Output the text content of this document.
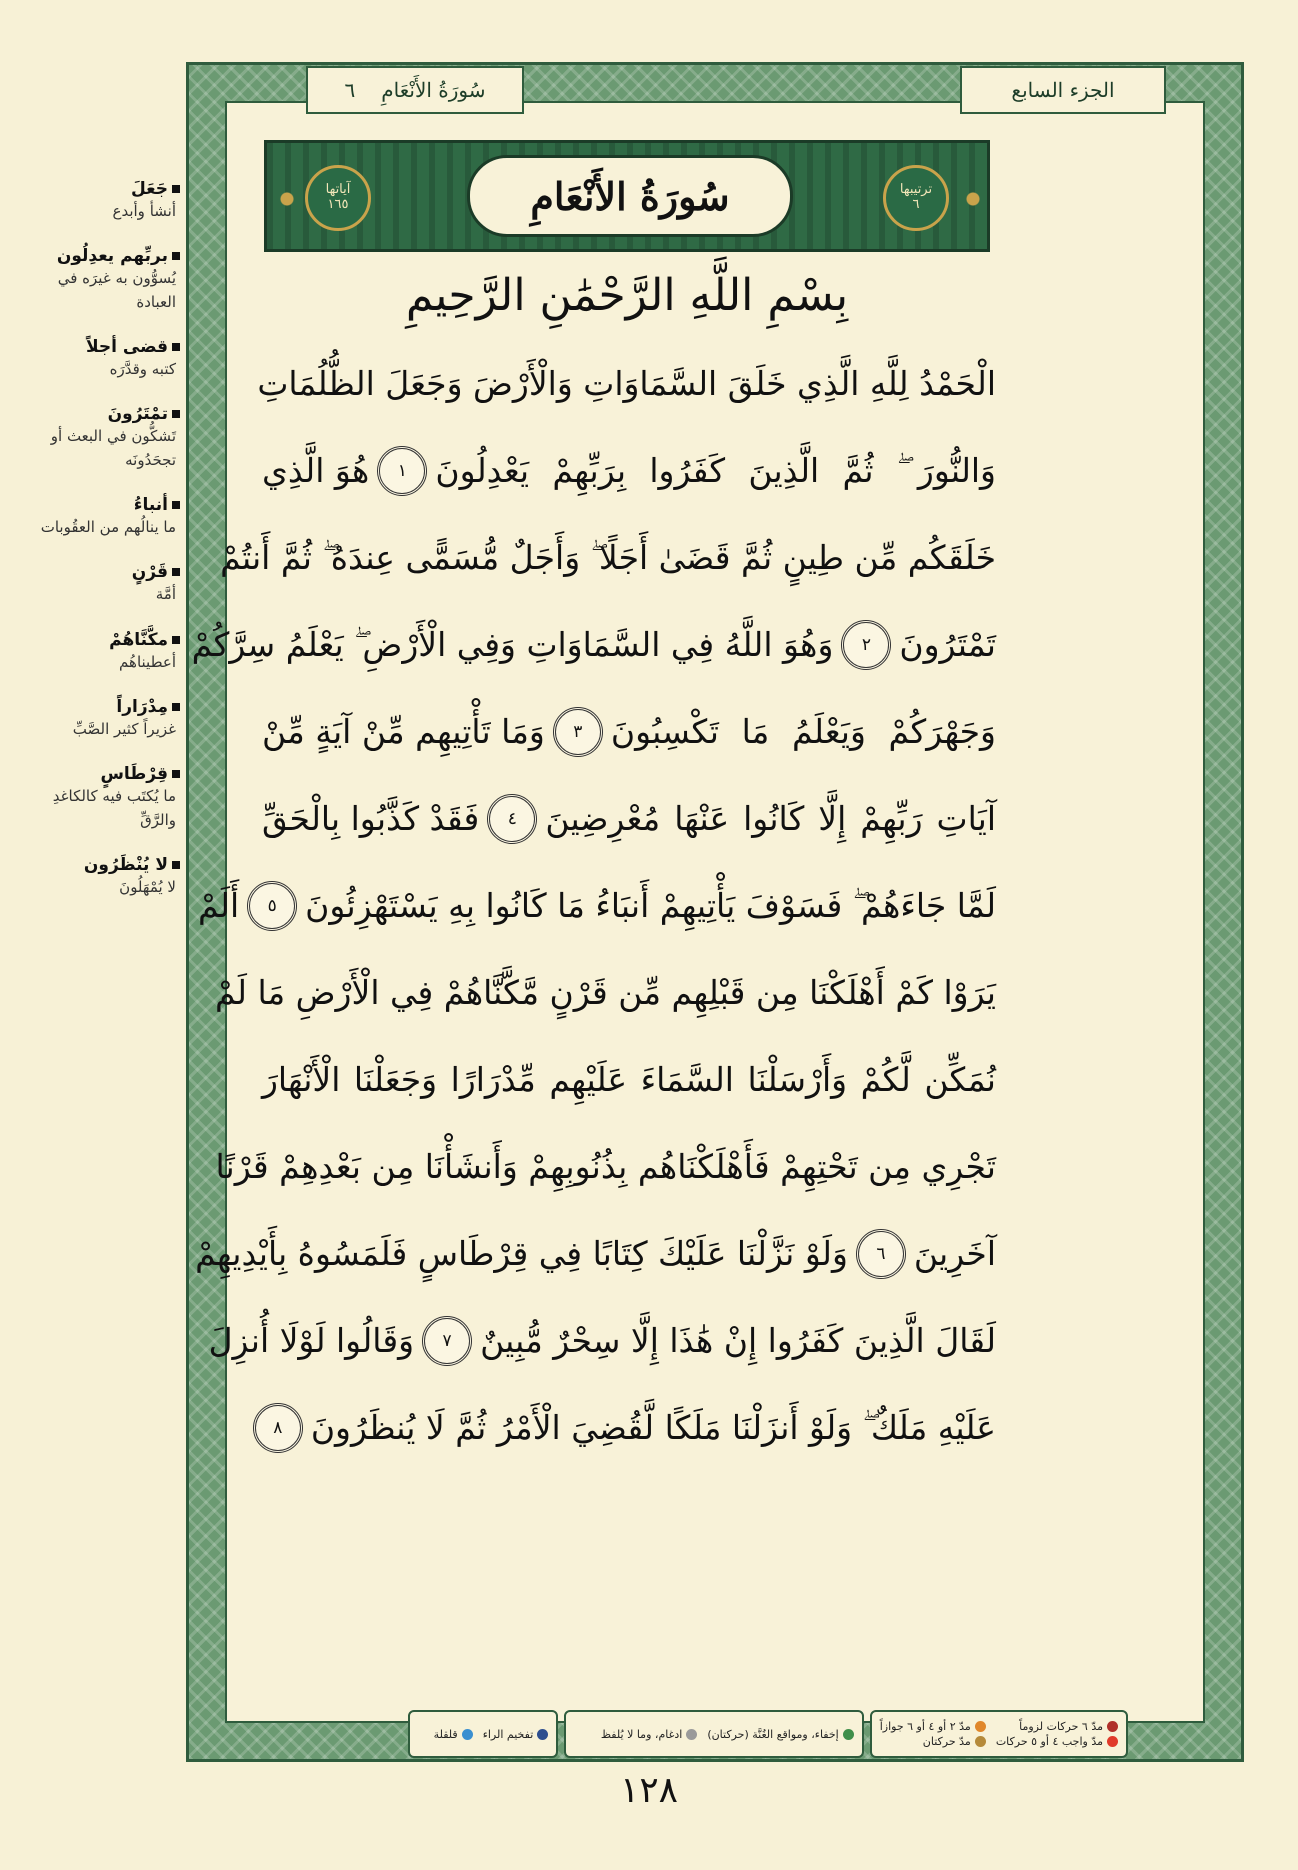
جَعَلَ
أنشأ وأبدع
بربِّهم يعدِلُون
يُسوُّون به غيرَه في العبادة
قضى أجلاً
كتبه وقدَّرَه
تمْتَرُونَ
تَشكُّون في البعث أو تجحَدُونَه
أنباءُ
ما ينالُهم من العقُوبات
قَرْنٍ
أمَّة
مكَّنَّاهُمْ
أعطيناهُم
مِدْرَاراً
غزيراً كثير الصَّبِّ
قِرْطَاسٍ
ما يُكتَب فيه كالكاغدِ والرَّقِّ
لا يُنْظَرُون
لا يُمْهَلُونَ
سُورَةُ الأَنْعَامِ
٦	الجزء السابع
آياتها
١٦٥	سُورَةُ الأَنْعَامِ	ترتيبها
٦
بِسْمِ اللَّهِ الرَّحْمَٰنِ الرَّحِيمِ
الْحَمْدُ لِلَّهِ الَّذِي خَلَقَ السَّمَاوَاتِ وَالْأَرْضَ وَجَعَلَ الظُّلُمَاتِ
وَالنُّورَ ۖ ثُمَّ الَّذِينَ كَفَرُوا بِرَبِّهِمْ يَعْدِلُونَ
١
هُوَ الَّذِي
خَلَقَكُم مِّن طِينٍ ثُمَّ قَضَىٰ أَجَلًا ۖ وَأَجَلٌ مُّسَمًّى عِندَهُ ۖ ثُمَّ أَنتُمْ
تَمْتَرُونَ
٢
وَهُوَ اللَّهُ فِي السَّمَاوَاتِ وَفِي الْأَرْضِ ۖ يَعْلَمُ سِرَّكُمْ
وَجَهْرَكُمْ وَيَعْلَمُ مَا تَكْسِبُونَ
٣
وَمَا تَأْتِيهِم مِّنْ آيَةٍ مِّنْ
آيَاتِ رَبِّهِمْ إِلَّا كَانُوا عَنْهَا مُعْرِضِينَ
٤
فَقَدْ كَذَّبُوا بِالْحَقِّ
لَمَّا جَاءَهُمْ ۖ فَسَوْفَ يَأْتِيهِمْ أَنبَاءُ مَا كَانُوا بِهِ يَسْتَهْزِئُونَ
٥
أَلَمْ
يَرَوْا كَمْ أَهْلَكْنَا مِن قَبْلِهِم مِّن قَرْنٍ مَّكَّنَّاهُمْ فِي الْأَرْضِ مَا لَمْ
نُمَكِّن لَّكُمْ وَأَرْسَلْنَا السَّمَاءَ عَلَيْهِم مِّدْرَارًا وَجَعَلْنَا الْأَنْهَارَ
تَجْرِي مِن تَحْتِهِمْ فَأَهْلَكْنَاهُم بِذُنُوبِهِمْ وَأَنشَأْنَا مِن بَعْدِهِمْ قَرْنًا
آخَرِينَ
٦
وَلَوْ نَزَّلْنَا عَلَيْكَ كِتَابًا فِي قِرْطَاسٍ فَلَمَسُوهُ بِأَيْدِيهِمْ
لَقَالَ الَّذِينَ كَفَرُوا إِنْ هَٰذَا إِلَّا سِحْرٌ مُّبِينٌ
٧
وَقَالُوا لَوْلَا أُنزِلَ
عَلَيْهِ مَلَكٌ ۖ وَلَوْ أَنزَلْنَا مَلَكًا لَّقُضِيَ الْأَمْرُ ثُمَّ لَا يُنظَرُونَ
٨
مدّ ٦ حركات لزوماً
مدّ ٢ أو ٤ أو ٦ جوازاً
مدّ واجب ٤ أو ٥ حركات
مدّ حركتان
إخفاء، ومواقع الغُنَّة (حركتان)
ادغام، وما لا يُلفظ
تفخيم الراء
قلقلة
١٢٨
